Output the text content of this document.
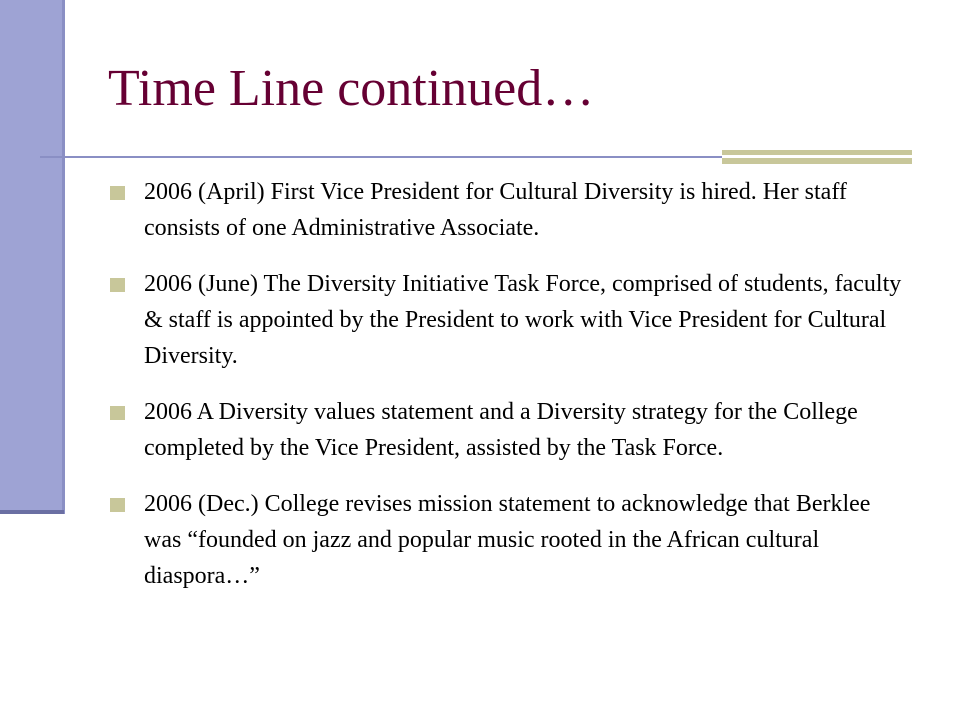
Time Line continued…
2006 (April) First Vice President for Cultural Diversity is hired. Her staff consists of one Administrative Associate.
2006 (June) The Diversity Initiative Task Force, comprised of students, faculty & staff is appointed by the President to work with Vice President for Cultural Diversity.
2006 A Diversity values statement and a Diversity strategy for the College completed by the Vice President, assisted by the Task Force.
2006 (Dec.) College revises mission statement to acknowledge that Berklee was “founded on jazz and popular music rooted in the African cultural diaspora…”
